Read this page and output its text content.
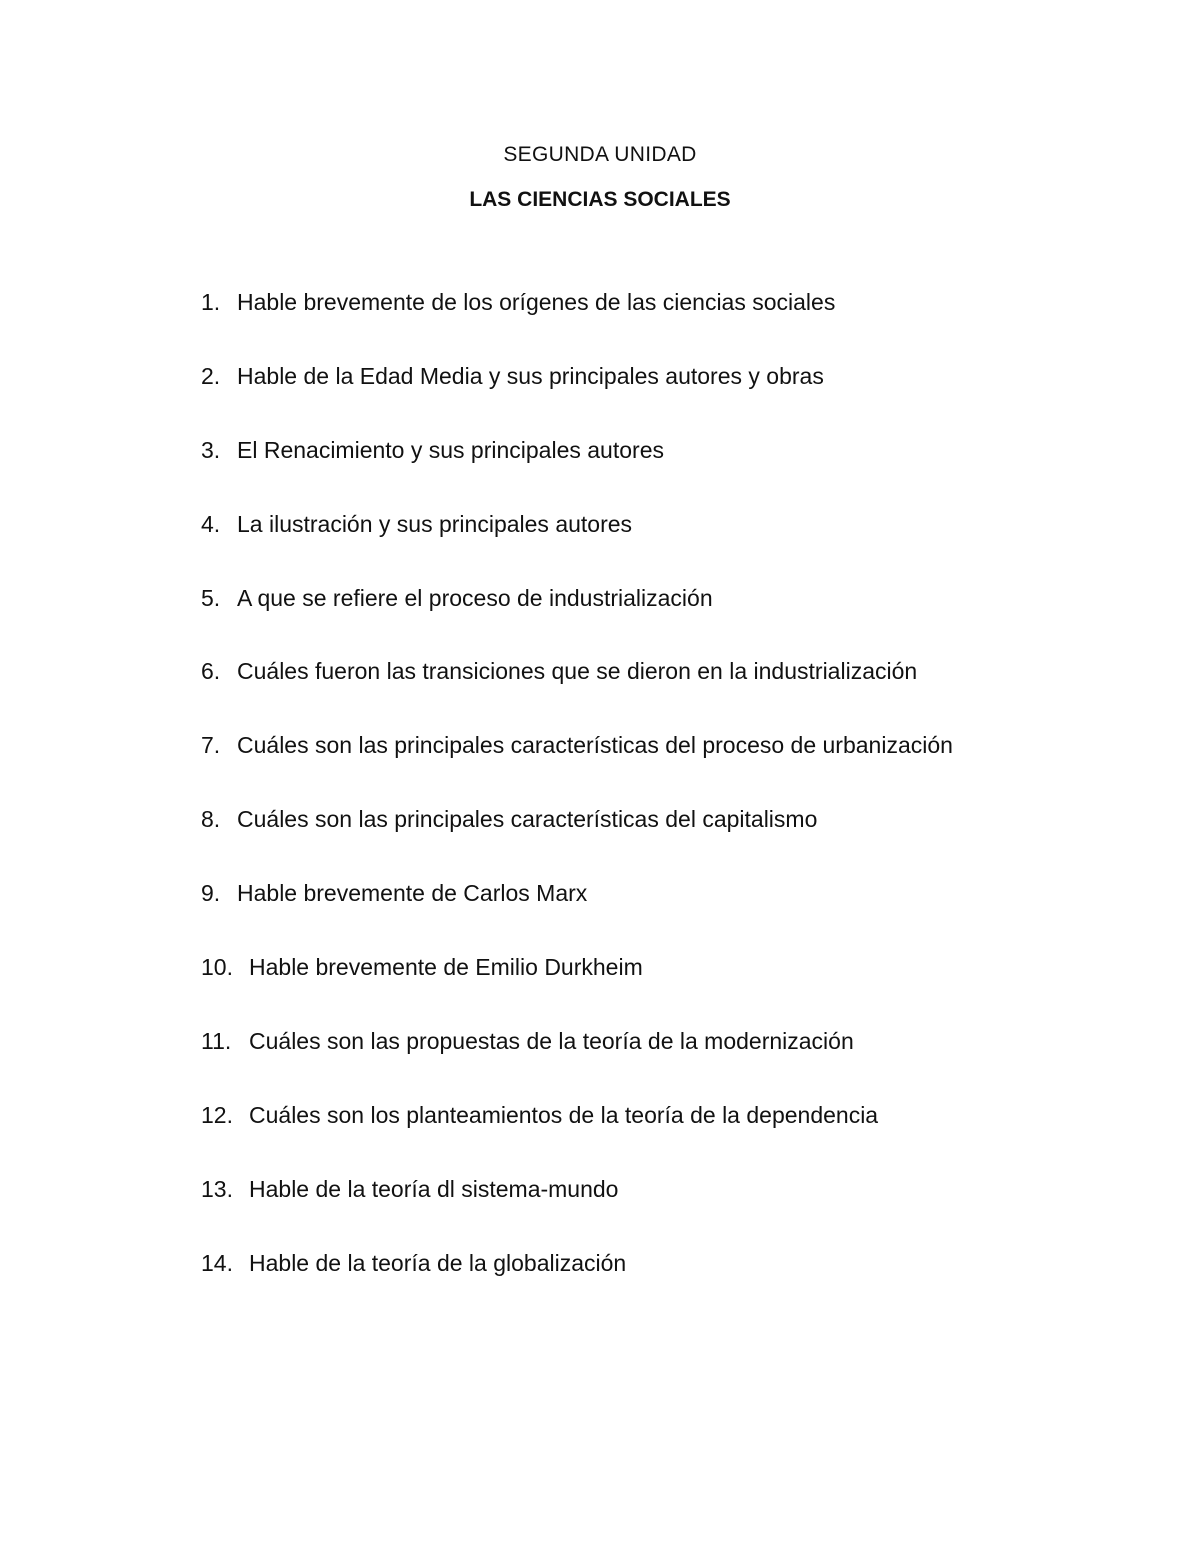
SEGUNDA UNIDAD

LAS CIENCIAS SOCIALES

1. Hable brevemente de los orígenes de las ciencias sociales
2. Hable de la Edad Media y sus principales autores y obras
3. El Renacimiento y sus principales autores
4. La ilustración y sus principales autores
5. A que se refiere el proceso de industrialización
6. Cuáles fueron las transiciones que se dieron en la industrialización
7. Cuáles son las principales características del proceso de urbanización
8. Cuáles son las principales características del capitalismo
9. Hable brevemente de Carlos Marx
10. Hable brevemente de Emilio Durkheim
11. Cuáles son las propuestas de la teoría de la modernización
12. Cuáles son los planteamientos de la teoría de la dependencia
13. Hable de la teoría dl sistema-mundo
14. Hable de la teoría de la globalización
